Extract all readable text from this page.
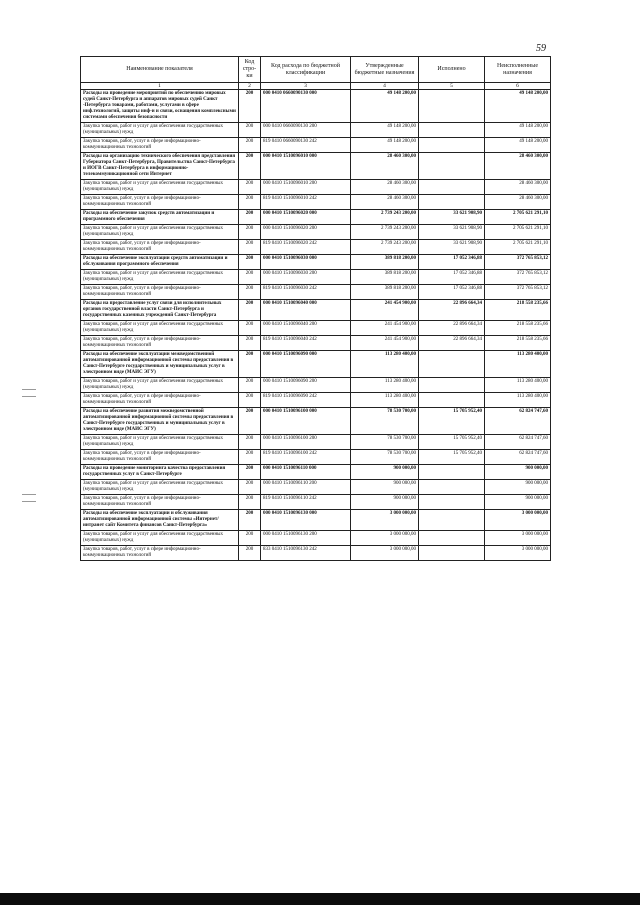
59
Наименование показателя	Код стро-ки	Код расхода по бюджетной классификации	Утвержденные бюджетные назначения	Исполнено	Неисполненные назначения
1	2	3	4	5	6
Расходы на проведение мероприятий по обеспечению мировых судей Санкт-Петербурга и аппаратов мировых судей Санкт -Петербурга товарами, работами, услугами в сфере инф.технологий, защиты инф-и и связи, оснащения комплексными системами обеспечения безопасности	200	000 0410 0660090130 000	49 148 200,00		49 148 200,00
Закупка товаров, работ и услуг для обеспечения государственных (муниципальных) нужд	200	000 0410 0660090130 200	49 148 200,00		49 148 200,00
Закупка товаров, работ, услуг в сфере информационно-коммуникационных технологий	200	819 0410 0660090130 242	49 148 200,00		49 148 200,00
Расходы на организацию технического обеспечения представления Губернатора Санкт-Петербурга, Правительства Санкт-Петербурга и ИОГВ Санкт-Петербурга в информационно-телекоммуникационной сети Интернет	200	000 0410 1510096010 000	28 460 300,00		28 460 300,00
Закупка товаров, работ и услуг для обеспечения государственных (муниципальных) нужд	200	000 0410 1510096010 200	28 460 300,00		28 460 300,00
Закупка товаров, работ, услуг в сфере информационно-коммуникационных технологий	200	819 0410 1510096010 242	28 460 300,00		28 460 300,00
Расходы на обеспечение закупок средств автоматизации и программного обеспечения	200	000 0410 1510096020 000	2 739 243 200,00	33 621 908,90	2 705 621 291,10
Закупка товаров, работ и услуг для обеспечения государственных (муниципальных) нужд	200	000 0410 1510096020 200	2 739 243 200,00	33 621 908,90	2 705 621 291,10
Закупка товаров, работ, услуг в сфере информационно-коммуникационных технологий	200	819 0410 1510096020 242	2 739 243 200,00	33 621 908,90	2 705 621 291,10
Расходы на обеспечение эксплуатации средств автоматизации и обслуживания программного обеспечения	200	000 0410 1510096030 000	389 818 200,00	17 052 346,88	372 765 853,12
Закупка товаров, работ и услуг для обеспечения государственных (муниципальных) нужд	200	000 0410 1510096030 200	389 818 200,00	17 052 346,88	372 765 853,12
Закупка товаров, работ, услуг в сфере информационно-коммуникационных технологий	200	819 0410 1510096030 242	389 818 200,00	17 052 346,88	372 765 853,12
Расходы на предоставление услуг связи для исполнительных органов государственной власти Санкт-Петербурга и государственных казенных учреждений Санкт-Петербурга	200	000 0410 1510096040 000	241 454 900,00	22 896 664,34	218 558 235,66
Закупка товаров, работ и услуг для обеспечения государственных (муниципальных) нужд	200	000 0410 1510096040 200	241 454 900,00	22 896 664,34	218 558 235,66
Закупка товаров, работ, услуг в сфере информационно-коммуникационных технологий	200	819 0410 1510096040 242	241 454 900,00	22 896 664,34	218 558 235,66
Расходы на обеспечение эксплуатации межведомственной автоматизированной информационной системы предоставления в Санкт-Петербурге государственных и муниципальных услуг в электронном виде (МАИС ЭГУ)	200	000 0410 1510096090 000	113 280 400,00		113 280 400,00
Закупка товаров, работ и услуг для обеспечения государственных (муниципальных) нужд	200	000 0410 1510096090 200	113 280 400,00		113 280 400,00
Закупка товаров, работ, услуг в сфере информационно-коммуникационных технологий	200	819 0410 1510096090 242	113 280 400,00		113 280 400,00
Расходы на обеспечение развития межведомственной автоматизированной информационной системы предоставления в Санкт-Петербурге государственных и муниципальных услуг в электронном виде (МАИС ЭГУ)	200	000 0410 1510096100 000	78 530 700,00	15 705 952,40	62 824 747,60
Закупка товаров, работ и услуг для обеспечения государственных (муниципальных) нужд	200	000 0410 1510096100 200	78 530 700,00	15 705 952,40	62 824 747,60
Закупка товаров, работ, услуг в сфере информационно-коммуникационных технологий	200	819 0410 1510096100 242	78 530 700,00	15 705 952,40	62 824 747,60
Расходы на проведение мониторинга качества предоставления государственных услуг в Санкт-Петербурге	200	000 0410 1510096110 000	900 000,00		900 000,00
Закупка товаров, работ и услуг для обеспечения государственных (муниципальных) нужд	200	000 0410 1510096110 200	900 000,00		900 000,00
Закупка товаров, работ, услуг в сфере информационно-коммуникационных технологий	200	819 0410 1510096110 242	900 000,00		900 000,00
Расходы на обеспечение эксплуатации и обслуживания автоматизированной информационной системы «Интернет/интранет сайт Комитета финансов Санкт-Петербурга»	200	000 0410 1510096130 000	3 000 000,00		3 000 000,00
Закупка товаров, работ и услуг для обеспечения государственных (муниципальных) нужд	200	000 0410 1510096130 200	3 000 000,00		3 000 000,00
Закупка товаров, работ, услуг в сфере информационно-коммуникационных технологий	200	833 0410 1510096130 242	3 000 000,00		3 000 000,00
